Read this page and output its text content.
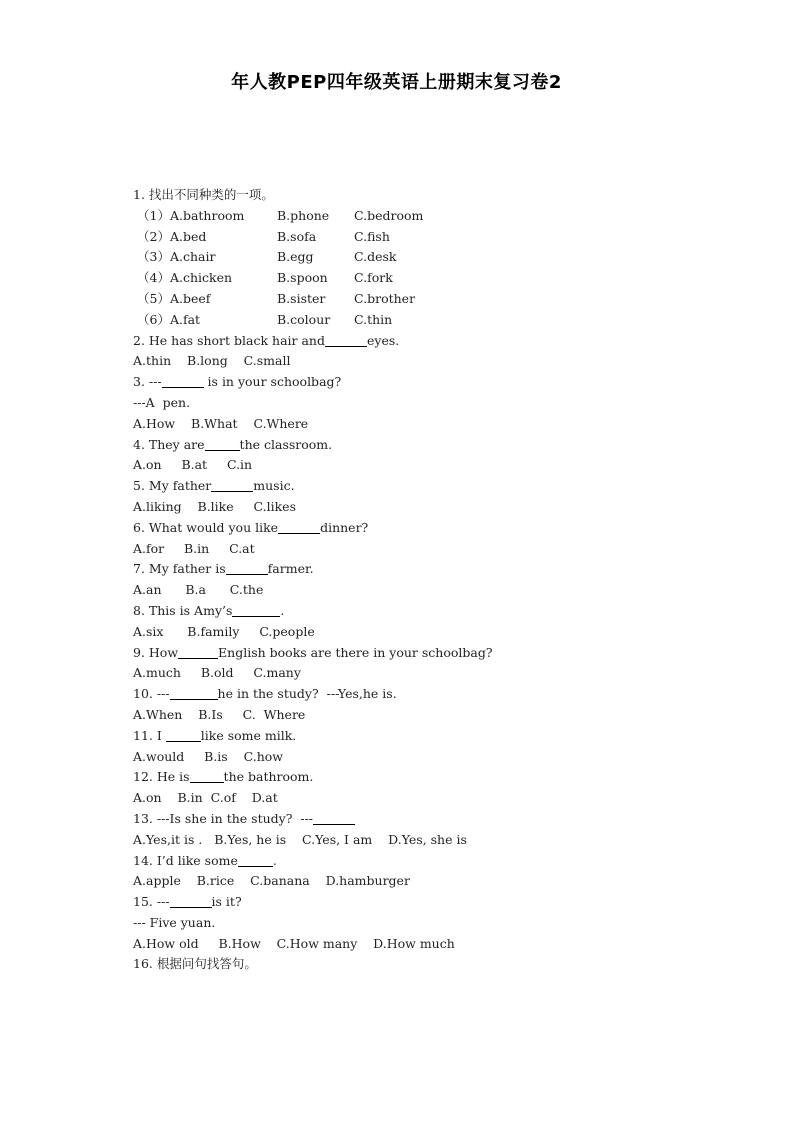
年人教PEP四年级英语上册期末复习卷2
1. 找出不同种类的一项。
（1）A.bathroom	B.phone	C.bedroom
（2）A.bed	B.sofa	C.fish
（3）A.chair	B.egg	C.desk
（4）A.chicken	B.spoon	C.fork
（5）A.beef	B.sister	C.brother
（6）A.fat	B.colour	C.thin
2. He has short black hair and	eyes.
A.thin    B.long    C.small
3. ---	is in your schoolbag?
---A  pen.
A.How    B.What    C.Where
4. They are	the classroom.
A.on     B.at     C.in
5. My father	music.
A.liking    B.like     C.likes
6. What would you like	dinner?
A.for     B.in     C.at
7. My father is	farmer.
A.an      B.a      C.the
8. This is Amy’s	.
A.six      B.family     C.people
9. How	English books are there in your schoolbag?
A.much     B.old     C.many
10. ---	he in the study?  ---Yes,he is.
A.When    B.Is     C.  Where
11. I	like some milk.
A.would     B.is    C.how
12. He is	the bathroom.
A.on    B.in  C.of    D.at
13. ---Is she in the study?  ---
A.Yes,it is .   B.Yes, he is    C.Yes, I am    D.Yes, she is
14. I’d like some	.
A.apple    B.rice    C.banana    D.hamburger
15. ---	is it?
--- Five yuan.
A.How old     B.How    C.How many    D.How much
16. 根据问句找答句。
